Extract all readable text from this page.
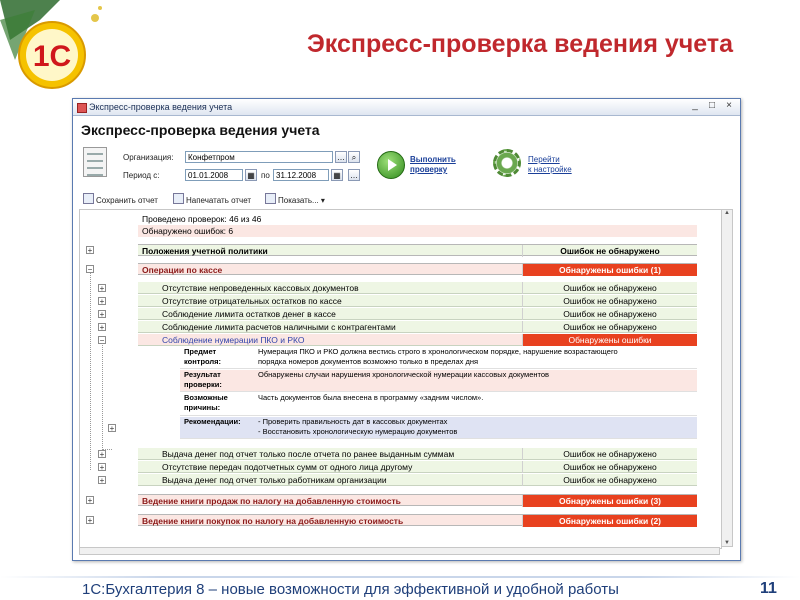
1С	Экспресс-проверка ведения учета
Экспресс-проверка ведения учета	_	□	×
Экспресс-проверка ведения учета
Организация:	Конфетпром	… ⌕
Период с:	01.01.2008	▦ по 31.12.2008	▦ …
Выполнить
проверку
Перейти
к настройке
Сохранить отчет	Напечатать отчет	Показать... ▾
Проведено проверок: 46 из 46
Обнаружено ошибок: 6
+	Положения учетной политики	Ошибок не обнаружено
−	Операции по кассе	Обнаружены ошибки (1)
+	Отсутствие непроведенных кассовых документов	Ошибок не обнаружено
+	Отсутствие отрицательных остатков по кассе	Ошибок не обнаружено
+	Соблюдение лимита остатков денег в кассе	Ошибок не обнаружено
+	Соблюдение лимита расчетов наличными с контрагентами	Ошибок не обнаружено
−	Соблюдение нумерации ПКО и РКО	Обнаружены ошибки
Предмет
контроля:
Нумерация ПКО и РКО должна вестись строго в хронологическом порядке, нарушение возрастающего
порядка номеров документов возможно только в пределах дня
Результат
проверки:
Обнаружены случаи нарушения хронологической нумерации кассовых документов
Возможные
причины:
Часть документов была внесена в программу «задним числом».
Рекомендации:	- Проверить правильность дат в кассовых документах
- Восстановить хронологическую нумерацию документов
+
+	Выдача денег под отчет только после отчета по ранее выданным суммам	Ошибок не обнаружено
+	Отсутствие передач подотчетных сумм от одного лица другому	Ошибок не обнаружено
+	Выдача денег под отчет только работникам организации	Ошибок не обнаружено
+	Ведение книги продаж по налогу на добавленную стоимость	Обнаружены ошибки (3)
+	Ведение книги покупок по налогу на добавленную стоимость	Обнаружены ошибки (2)
▲ ▼
1С:Бухгалтерия 8 – новые возможности для эффективной и удобной работы	11
